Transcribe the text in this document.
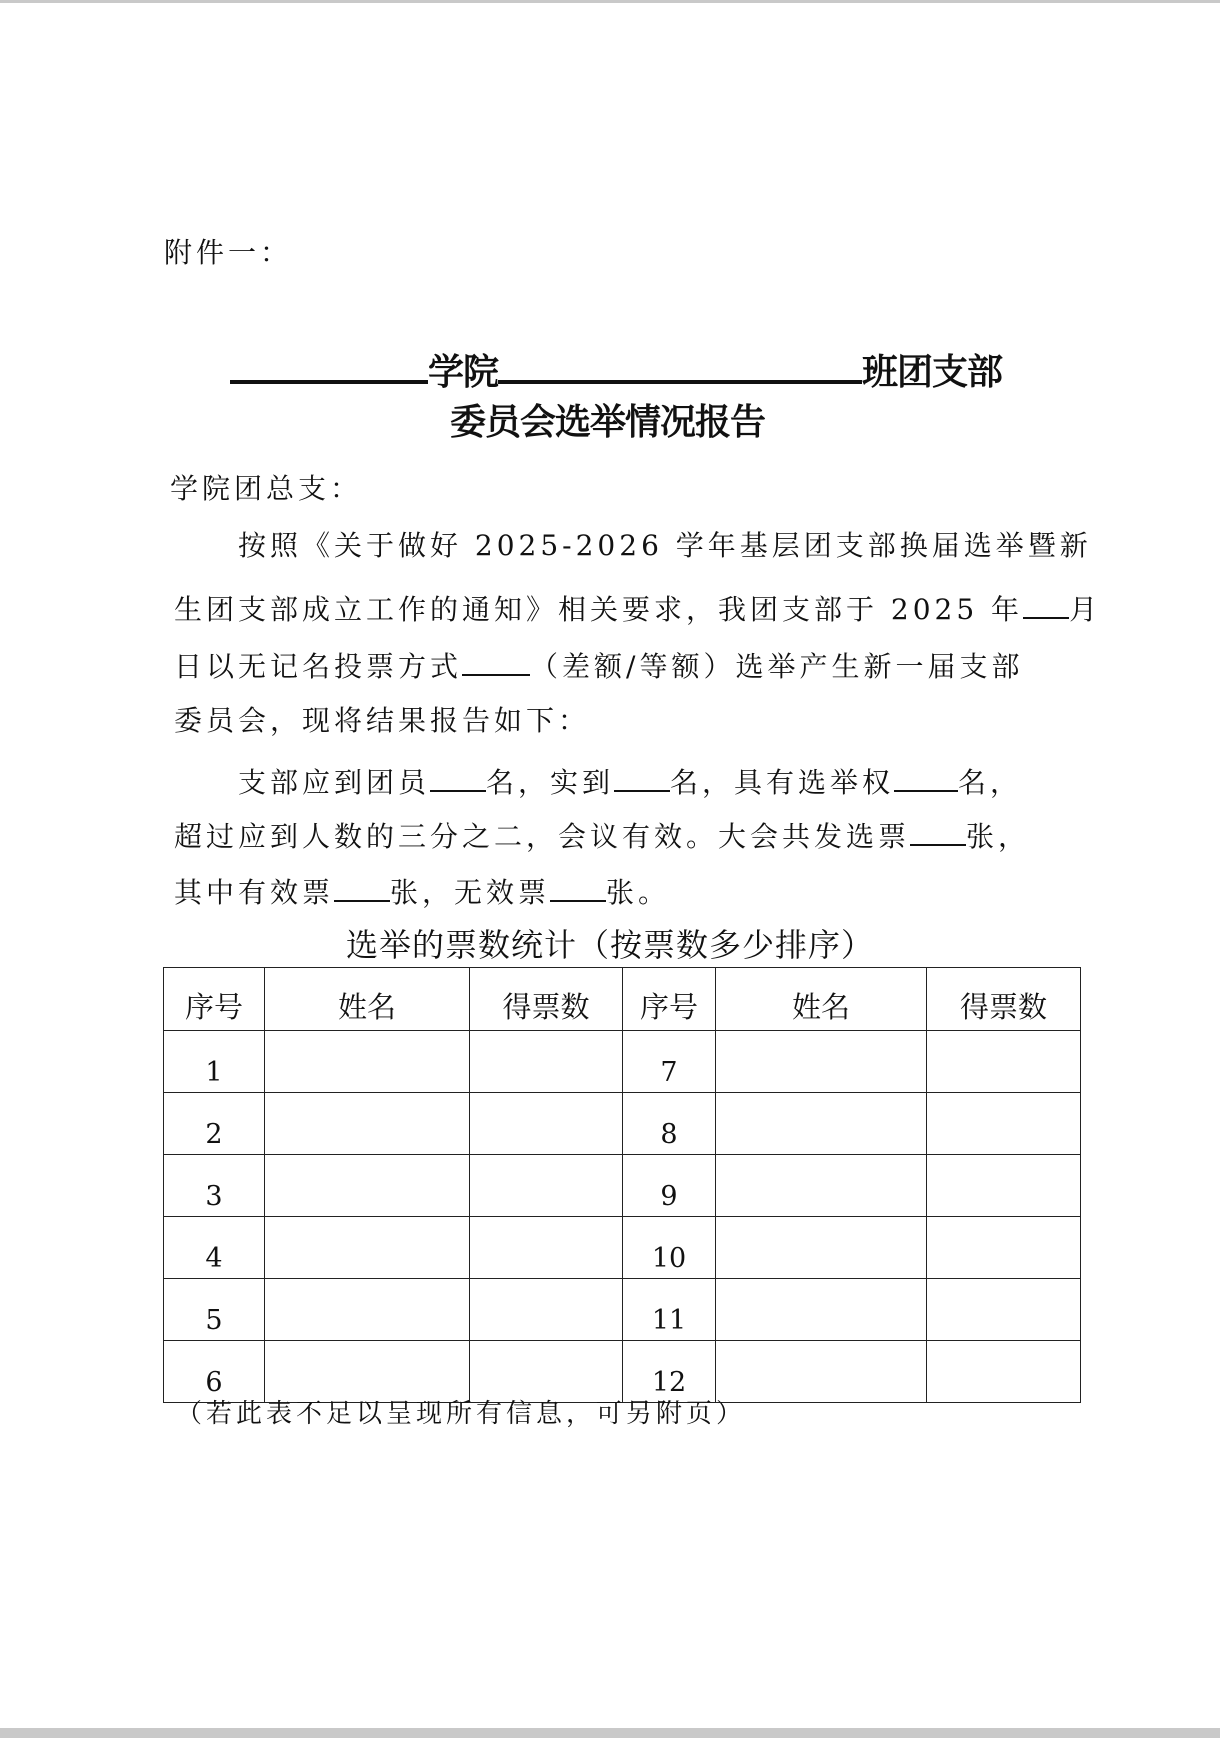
附件一：
学院	班团支部
委员会选举情况报告
学院团总支：
按照《关于做好 2025-2026 学年基层团支部换届选举暨新
生团支部成立工作的通知》相关要求，我团支部于 2025 年 月
日以无记名投票方式 （差额/等额）选举产生新一届支部
委员会，现将结果报告如下：
支部应到团员 名，实到 名，具有选举权 名，
超过应到人数的三分之二，会议有效。大会共发选票 张，
其中有效票 张，无效票 张。
选举的票数统计（按票数多少排序）
序号	姓名	得票数	序号	姓名	得票数
1			7		
2			8		
3			9		
4			10		
5			11		
6			12		
（若此表不足以呈现所有信息，可另附页）
